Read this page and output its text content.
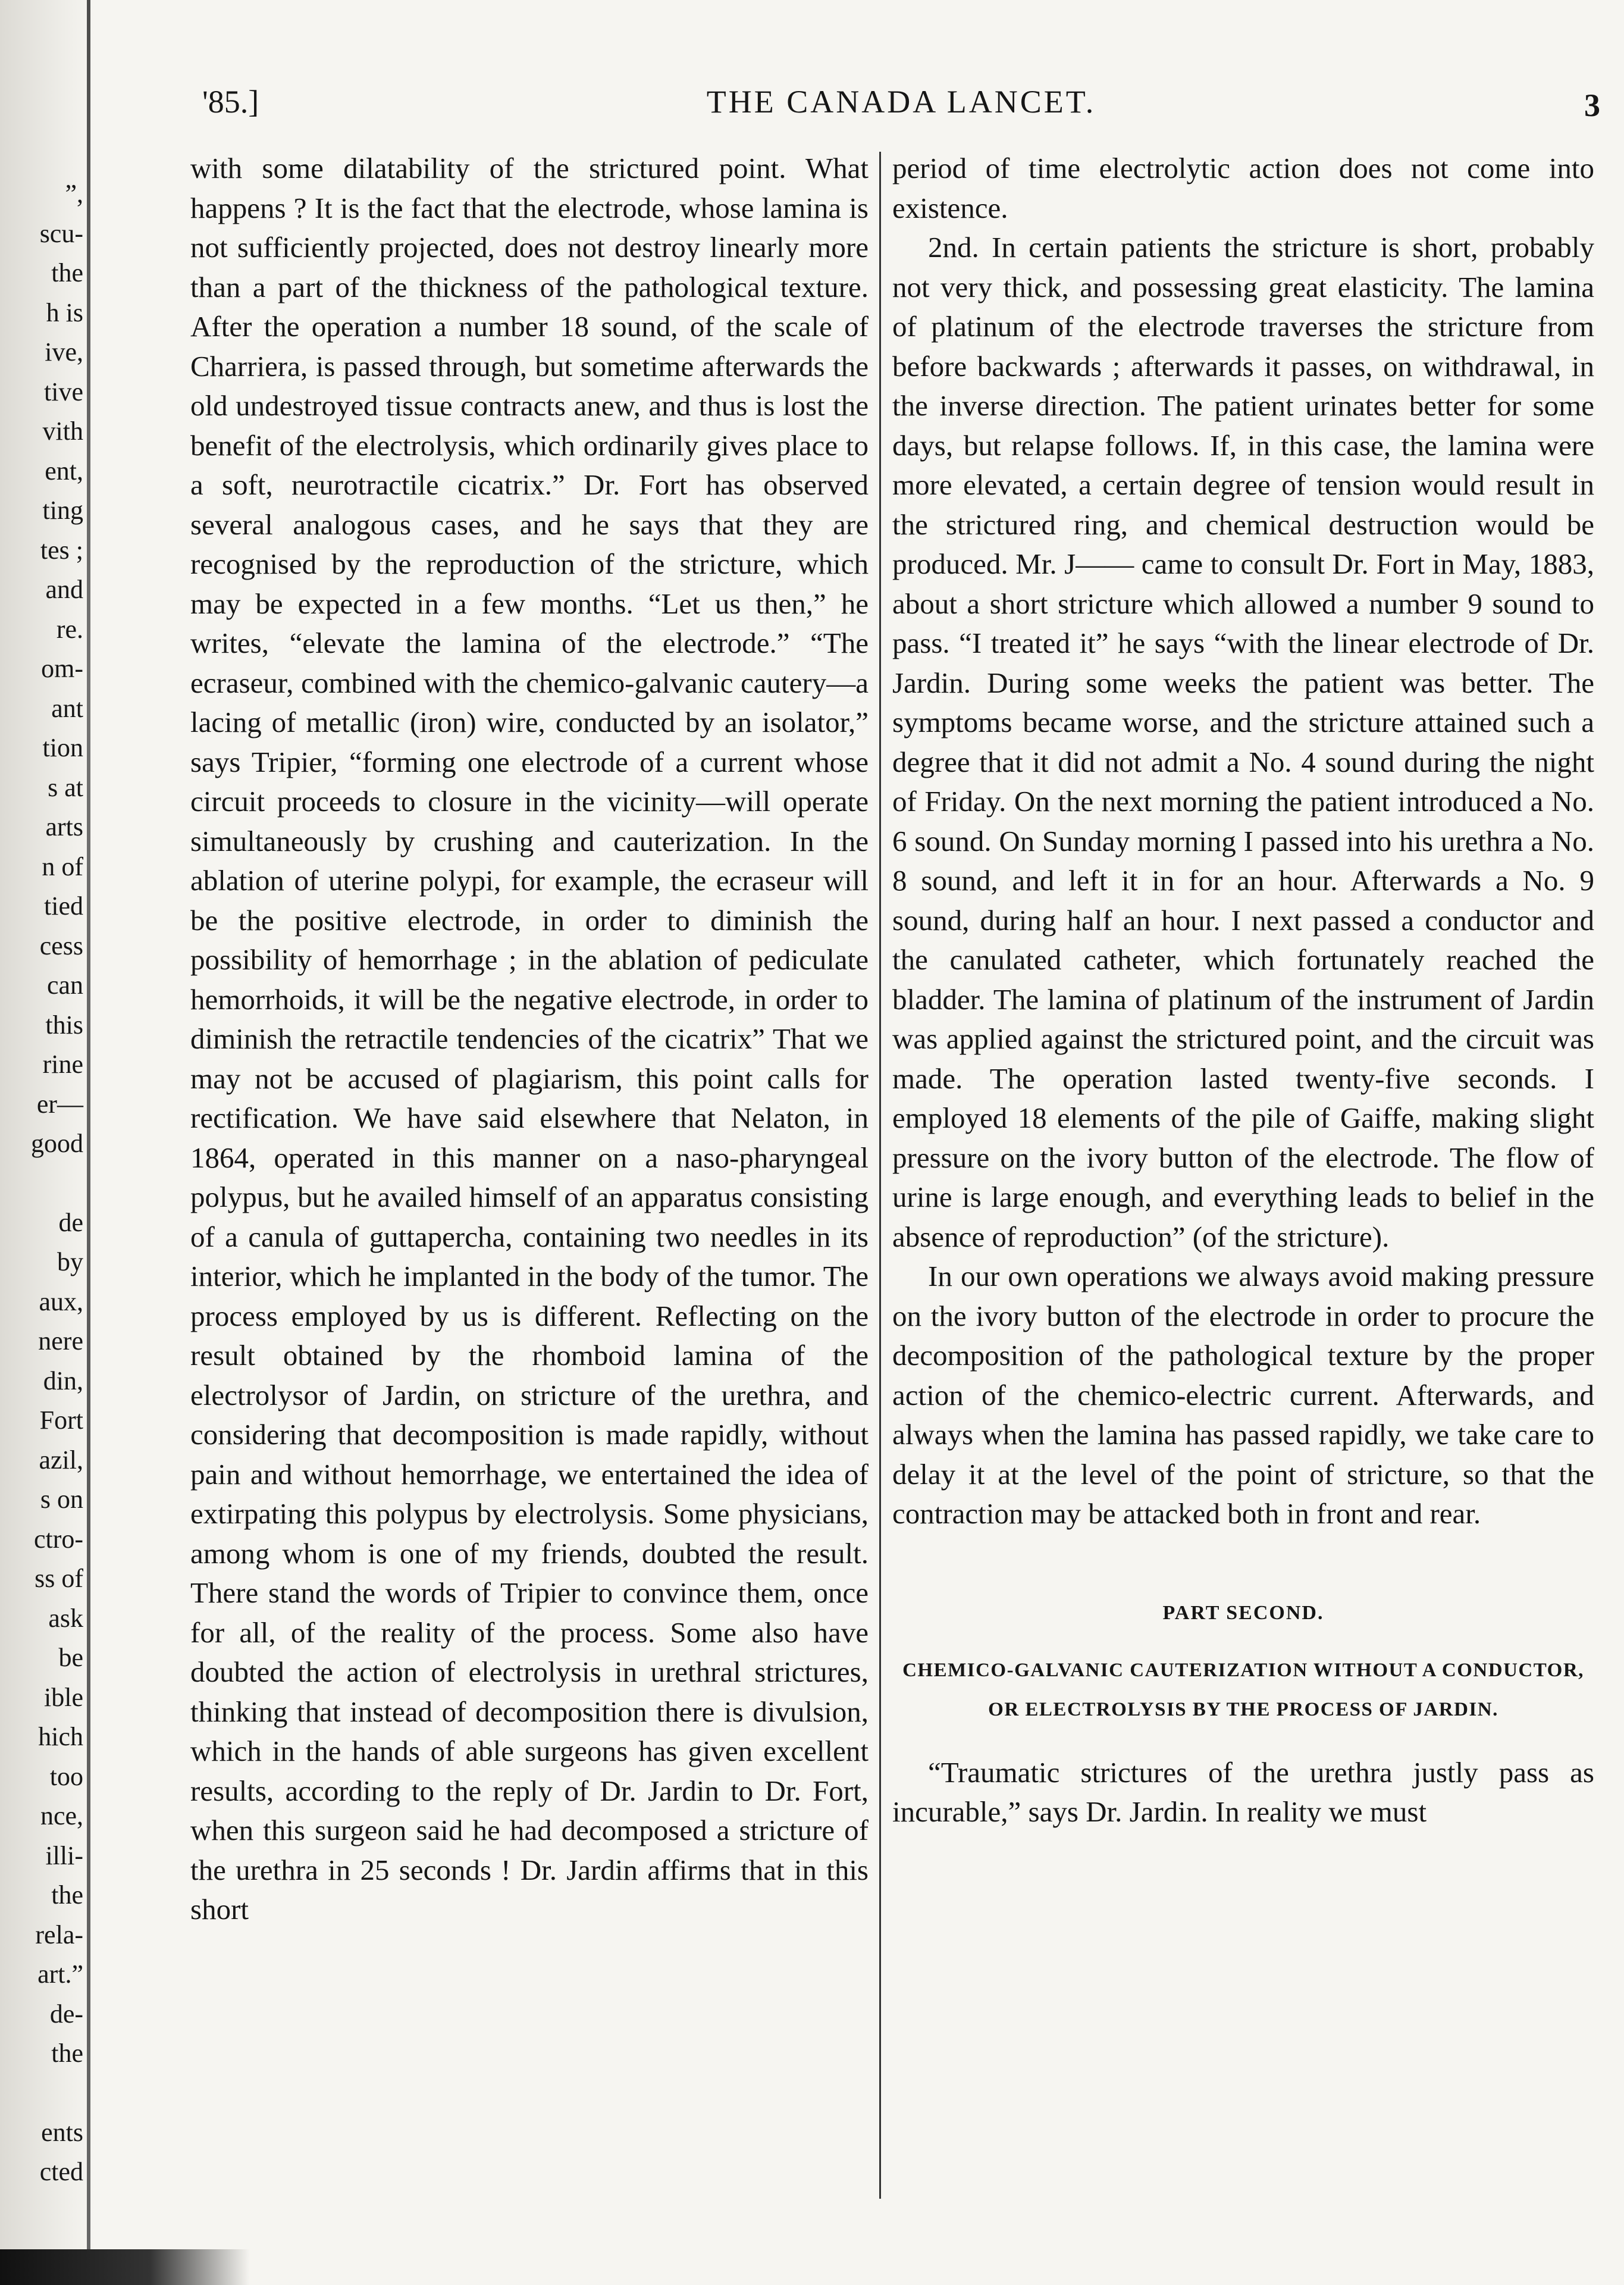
”,
scu-
the
h is
ive,
tive
vith
ent,
ting
tes ;
and
re.
om-
ant
tion
s at
arts
n of
tied
cess
can
this
rine
er—
good
de
by
aux,
nere
din,
Fort
azil,
s on
ctro-
ss of
ask
be
ible
hich
too
nce,
illi-
the
rela-
art.”
de-
the
ents
cted
'85.]	THE CANADA LANCET.	3

with some dilatability of the strictured point. What happens ? It is the fact that the electrode, whose lamina is not sufficiently projected, does not destroy linearly more than a part of the thickness of the pathological texture. After the operation a number 18 sound, of the scale of Charriera, is passed through, but sometime afterwards the old undestroyed tissue contracts anew, and thus is lost the benefit of the electrolysis, which ordinarily gives place to a soft, neurotractile cicatrix.” Dr. Fort has observed several analogous cases, and he says that they are recognised by the reproduction of the stricture, which may be expected in a few months. “Let us then,” he writes, “elevate the lamina of the electrode.” “The ecraseur, combined with the chemico-galvanic cautery—a lacing of metallic (iron) wire, conducted by an isolator,” says Tripier, “forming one electrode of a current whose circuit proceeds to closure in the vicinity—will operate simultaneously by crushing and cauterization. In the ablation of uterine polypi, for example, the ecraseur will be the positive electrode, in order to diminish the possibility of hemorrhage ; in the ablation of pediculate hemorrhoids, it will be the negative electrode, in order to diminish the retractile tendencies of the cicatrix” That we may not be accused of plagiarism, this point calls for rectification. We have said elsewhere that Nelaton, in 1864, operated in this manner on a naso-pharyngeal polypus, but he availed himself of an apparatus consisting of a canula of guttapercha, containing two needles in its interior, which he implanted in the body of the tumor. The process employed by us is different. Reflecting on the result obtained by the rhomboid lamina of the electrolysor of Jardin, on stricture of the urethra, and considering that decomposition is made rapidly, without pain and without hemorrhage, we entertained the idea of extirpating this polypus by electrolysis. Some physicians, among whom is one of my friends, doubted the result. There stand the words of Tripier to convince them, once for all, of the reality of the process. Some also have doubted the action of electrolysis in urethral strictures, thinking that instead of decomposition there is divulsion, which in the hands of able surgeons has given excellent results, according to the reply of Dr. Jardin to Dr. Fort, when this surgeon said he had decomposed a stricture of the urethra in 25 seconds ! Dr. Jardin affirms that in this short

period of time electrolytic action does not come into existence.

2nd. In certain patients the stricture is short, probably not very thick, and possessing great elasticity. The lamina of platinum of the electrode traverses the stricture from before backwards ; afterwards it passes, on withdrawal, in the inverse direction. The patient urinates better for some days, but relapse follows. If, in this case, the lamina were more elevated, a certain degree of tension would result in the strictured ring, and chemical destruction would be produced. Mr. J—— came to consult Dr. Fort in May, 1883, about a short stricture which allowed a number 9 sound to pass. “I treated it” he says “with the linear electrode of Dr. Jardin. During some weeks the patient was better. The symptoms became worse, and the stricture attained such a degree that it did not admit a No. 4 sound during the night of Friday. On the next morning the patient introduced a No. 6 sound. On Sunday morning I passed into his urethra a No. 8 sound, and left it in for an hour. Afterwards a No. 9 sound, during half an hour. I next passed a conductor and the canulated catheter, which fortunately reached the bladder. The lamina of platinum of the instrument of Jardin was applied against the strictured point, and the circuit was made. The operation lasted twenty-five seconds. I employed 18 elements of the pile of Gaiffe, making slight pressure on the ivory button of the electrode. The flow of urine is large enough, and everything leads to belief in the absence of reproduction” (of the stricture).

In our own operations we always avoid making pressure on the ivory button of the electrode in order to procure the decomposition of the pathological texture by the proper action of the chemico-electric current. Afterwards, and always when the lamina has passed rapidly, we take care to delay it at the level of the point of stricture, so that the contraction may be attacked both in front and rear.

PART SECOND.
CHEMICO-GALVANIC CAUTERIZATION WITHOUT A CONDUCTOR, OR ELECTROLYSIS BY THE PROCESS OF JARDIN.

“Traumatic strictures of the urethra justly pass as incurable,” says Dr. Jardin. In reality we must
